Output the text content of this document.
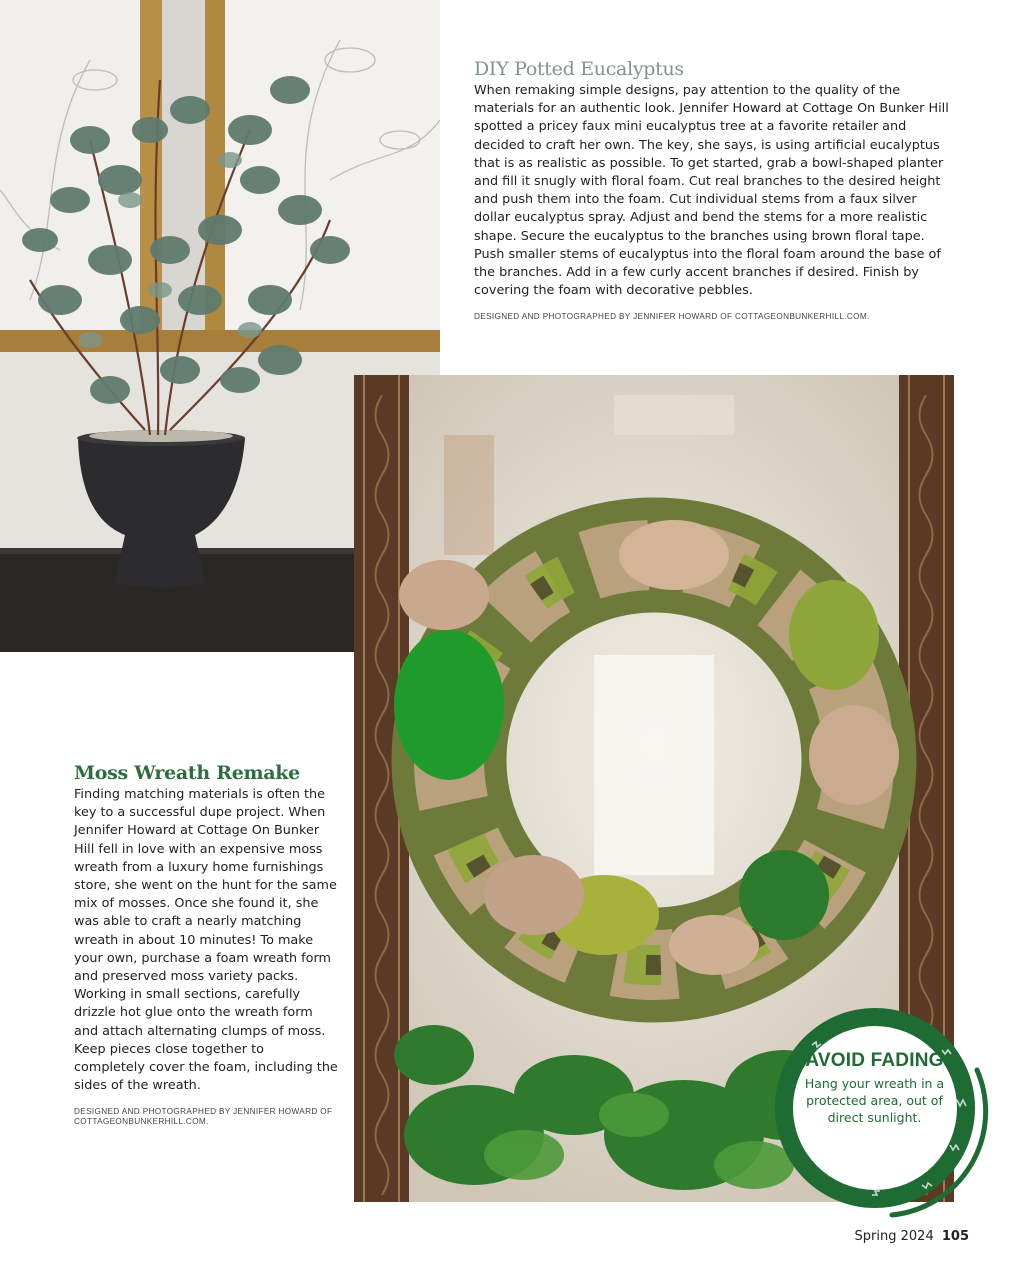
DIY Potted Eucalyptus

When remaking simple designs, pay attention to the quality of the materials for an authentic look. Jennifer Howard at Cottage On Bunker Hill spotted a pricey faux mini eucalyptus tree at a favorite retailer and decided to craft her own. The key, she says, is using artificial eucalyptus that is as realistic as possible. To get started, grab a bowl-shaped planter and fill it snugly with floral foam. Cut real branches to the desired height and push them into the foam. Cut individual stems from a faux silver dollar eucalyptus spray. Adjust and bend the stems for a more realistic shape. Secure the eucalyptus to the branches using brown floral tape. Push smaller stems of eucalyptus into the floral foam around the base of the branches. Add in a few curly accent branches if desired. Finish by covering the foam with decorative pebbles.

DESIGNED AND PHOTOGRAPHED BY JENNIFER HOWARD OF COTTAGEONBUNKERHILL.COM.
Moss Wreath Remake

Finding matching materials is often the key to a successful dupe project. When Jennifer Howard at Cottage On Bunker Hill fell in love with an expensive moss wreath from a luxury home furnishings store, she went on the hunt for the same mix of mosses. Once she found it, she was able to craft a nearly matching wreath in about 10 minutes! To make your own, purchase a foam wreath form and preserved moss variety packs. Working in small sections, carefully drizzle hot glue onto the wreath form and attach alternating clumps of moss. Keep pieces close together to completely cover the foam, including the sides of the wreath.

DESIGNED AND PHOTOGRAPHED BY JENNIFER HOWARD OF COTTAGEONBUNKERHILL.COM.
AVOID FADING
Hang your wreath in a protected area, out of direct sunlight.
Spring 2024 105
